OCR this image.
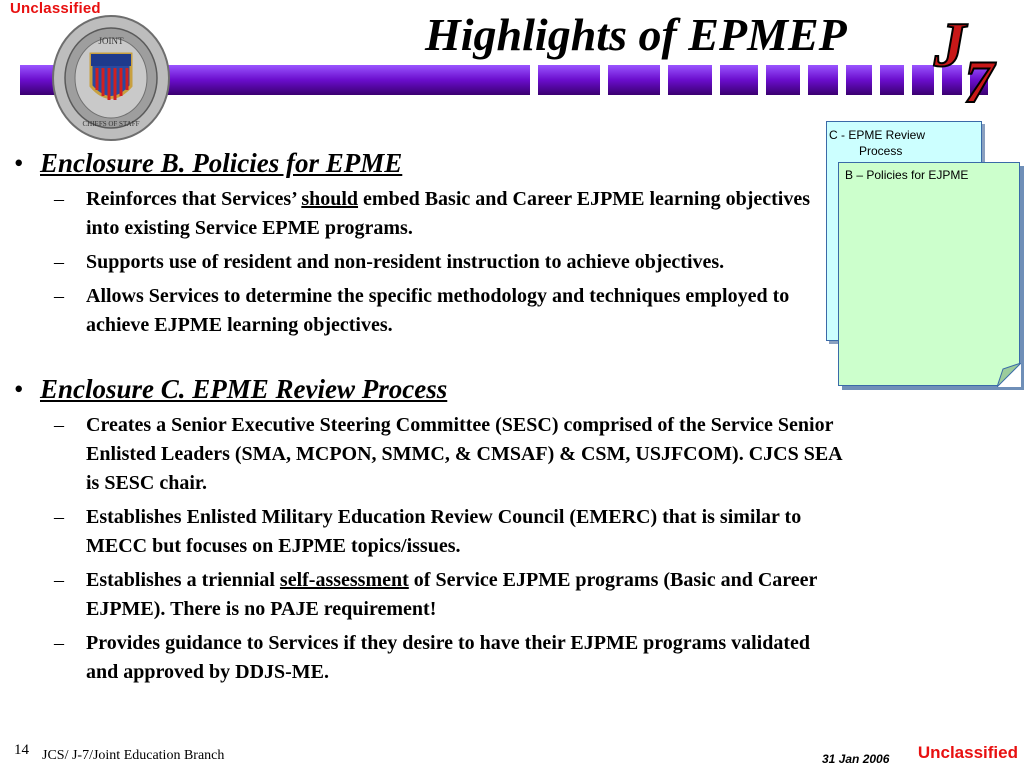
Unclassified
JOINT
CHIEFS OF STAFF
Highlights of EPMEP J
7
• Enclosure B. Policies for EPME
– Reinforces that Services’ should embed Basic and Career EJPME learning objectives into existing Service EPME programs.
– Supports use of resident and non-resident instruction to achieve objectives.
– Allows Services to determine the specific methodology and techniques employed to achieve EJPME learning objectives.
• Enclosure C. EPME Review Process
– Creates a Senior Executive Steering Committee (SESC) comprised of the Service Senior Enlisted Leaders (SMA, MCPON, SMMC, & CMSAF) & CSM, USJFCOM). CJCS SEA is SESC chair.
– Establishes Enlisted Military Education Review Council (EMERC) that is similar to MECC but focuses on EJPME topics/issues.
– Establishes a triennial self-assessment of Service EJPME programs (Basic and Career EJPME). There is no PAJE requirement!
– Provides guidance to Services if they desire to have their EJPME programs validated and approved by DDJS-ME.
C - EPME Review
Process
B – Policies for EJPME
14 JCS/ J-7/Joint Education Branch	31 Jan 2006 Unclassified
